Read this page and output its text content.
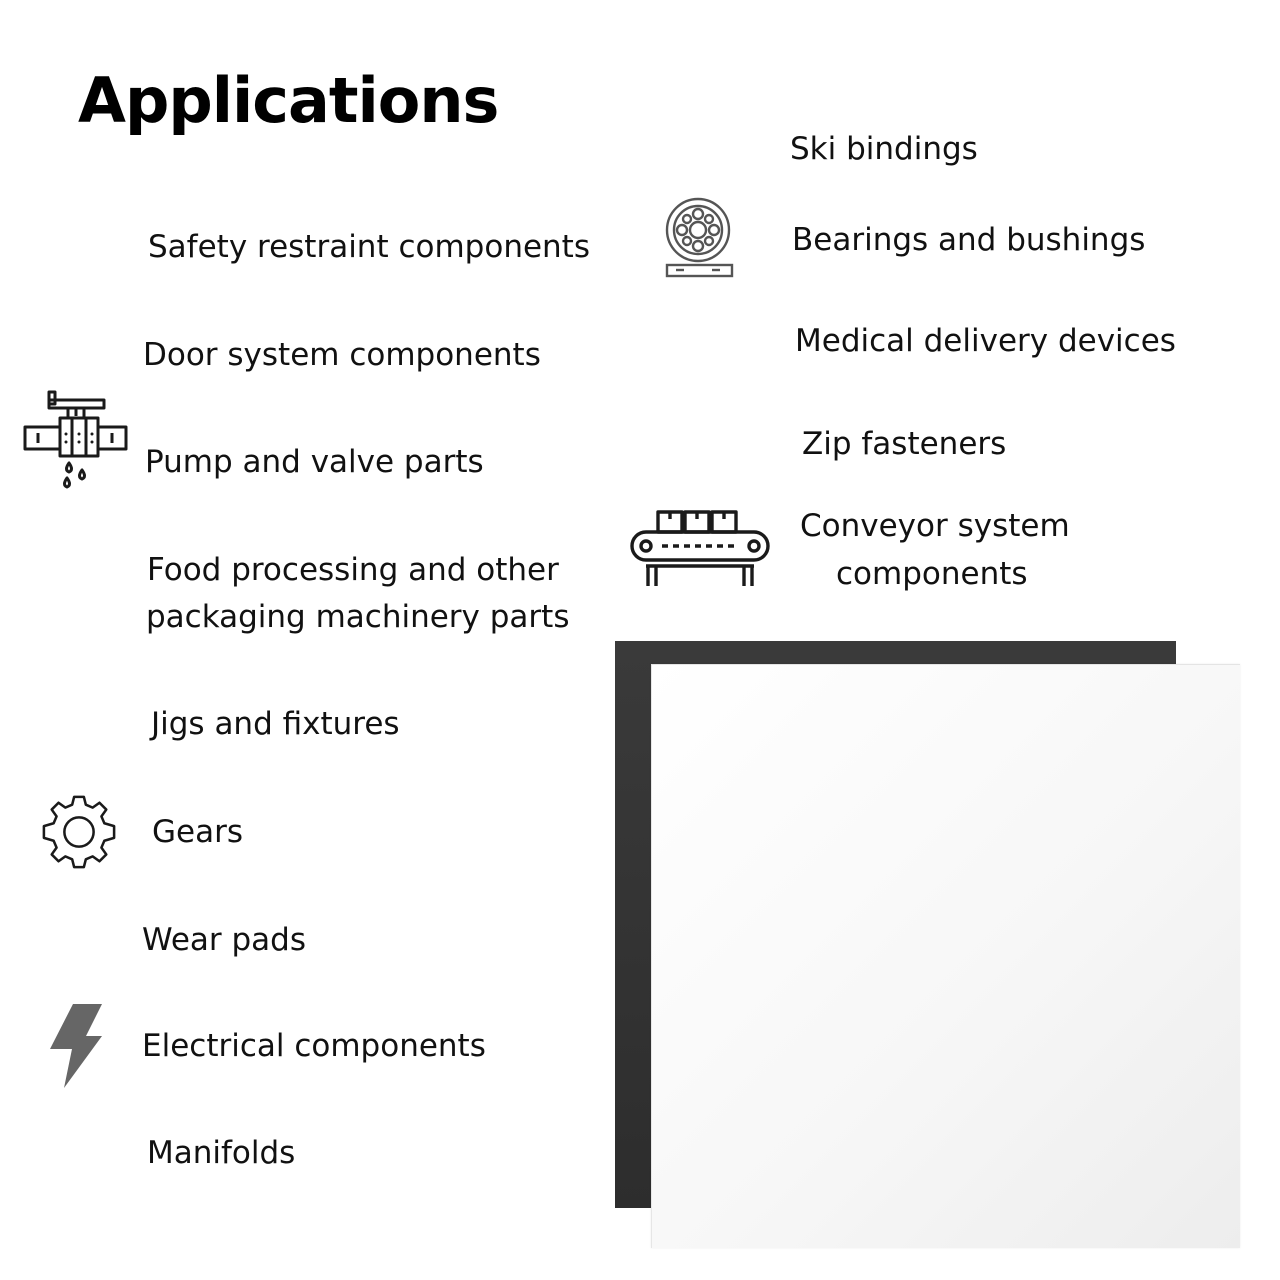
Applications
Safety restraint components
Door system components
Pump and valve parts
Food processing and other
packaging machinery parts
Jigs and fixtures
Gears
Wear pads
Electrical components
Manifolds
Ski bindings
Bearings and bushings
Medical delivery devices
Zip fasteners
Conveyor system
components
